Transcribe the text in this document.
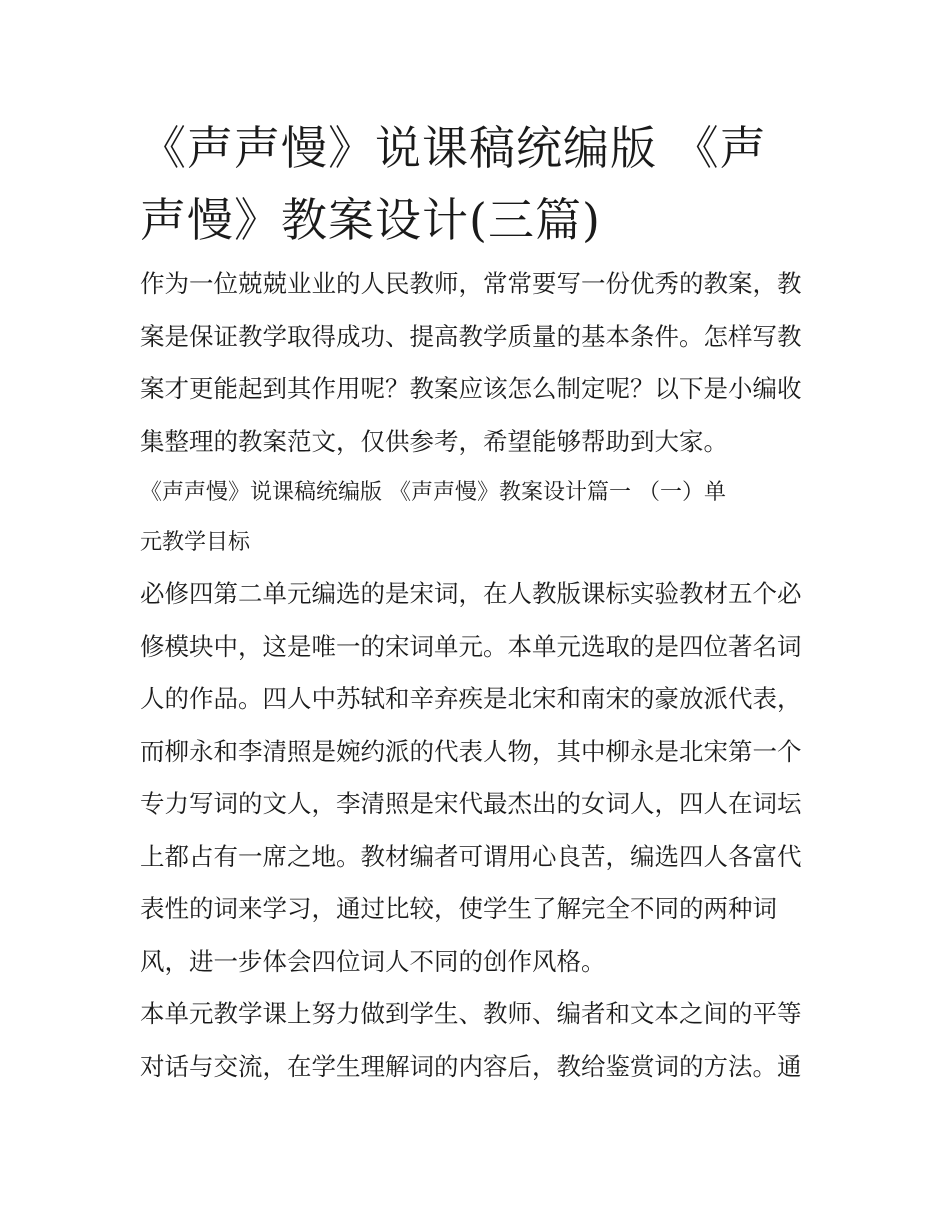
《声声慢》说课稿统编版 《声
声慢》教案设计(三篇)
作为一位兢兢业业的人民教师，常常要写一份优秀的教案，教
案是保证教学取得成功、提高教学质量的基本条件。怎样写教
案才更能起到其作用呢？教案应该怎么制定呢？以下是小编收
集整理的教案范文，仅供参考，希望能够帮助到大家。
《声声慢》说课稿统编版 《声声慢》教案设计篇一 （一）单
元教学目标
必修四第二单元编选的是宋词，在人教版课标实验教材五个必
修模块中，这是唯一的宋词单元。本单元选取的是四位著名词
人的作品。四人中苏轼和辛弃疾是北宋和南宋的豪放派代表，
而柳永和李清照是婉约派的代表人物，其中柳永是北宋第一个
专力写词的文人，李清照是宋代最杰出的女词人，四人在词坛
上都占有一席之地。教材编者可谓用心良苦，编选四人各富代
表性的词来学习，通过比较，使学生了解完全不同的两种词
风，进一步体会四位词人不同的创作风格。
本单元教学课上努力做到学生、教师、编者和文本之间的平等
对话与交流，在学生理解词的内容后，教给鉴赏词的方法。通
